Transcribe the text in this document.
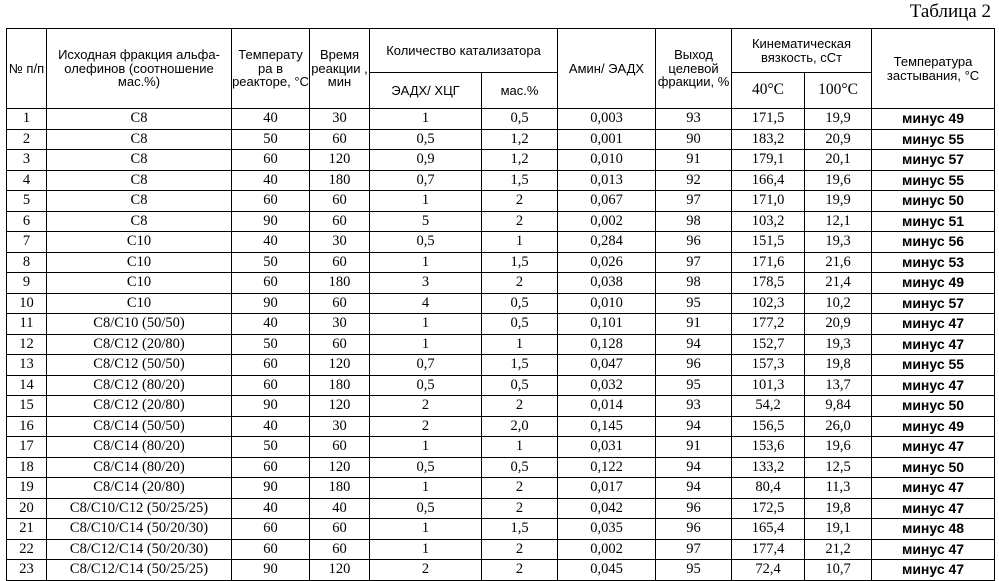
Таблица 2
№ п/п	Исходная фракция альфа-олефинов (соотношение мас.%)	Температу ра в реакторе, °С	Время реакции , мин	Количество катализатора		Амин/ ЭАДХ	Выход целевой фракции, %	Кинематическая вязкость, сСт		Температура застывания, °С
				ЭАДХ/ ХЦГ	мас.%			40°С	100°С	
1	С8	40	30	1	0,5	0,003	93	171,5	19,9	минус 49
2	С8	50	60	0,5	1,2	0,001	90	183,2	20,9	минус 55
3	С8	60	120	0,9	1,2	0,010	91	179,1	20,1	минус 57
4	С8	40	180	0,7	1,5	0,013	92	166,4	19,6	минус 55
5	С8	60	60	1	2	0,067	97	171,0	19,9	минус 50
6	С8	90	60	5	2	0,002	98	103,2	12,1	минус 51
7	С10	40	30	0,5	1	0,284	96	151,5	19,3	минус 56
8	С10	50	60	1	1,5	0,026	97	171,6	21,6	минус 53
9	С10	60	180	3	2	0,038	98	178,5	21,4	минус 49
10	С10	90	60	4	0,5	0,010	95	102,3	10,2	минус 57
11	С8/С10 (50/50)	40	30	1	0,5	0,101	91	177,2	20,9	минус 47
12	С8/С12 (20/80)	50	60	1	1	0,128	94	152,7	19,3	минус 47
13	С8/С12 (50/50)	60	120	0,7	1,5	0,047	96	157,3	19,8	минус 55
14	С8/С12 (80/20)	60	180	0,5	0,5	0,032	95	101,3	13,7	минус 47
15	С8/С12 (20/80)	90	120	2	2	0,014	93	54,2	9,84	минус 50
16	С8/С14 (50/50)	40	30	2	2,0	0,145	94	156,5	26,0	минус 49
17	С8/С14 (80/20)	50	60	1	1	0,031	91	153,6	19,6	минус 47
18	С8/С14 (80/20)	60	120	0,5	0,5	0,122	94	133,2	12,5	минус 50
19	С8/С14 (20/80)	90	180	1	2	0,017	94	80,4	11,3	минус 47
20	С8/С10/С12 (50/25/25)	40	40	0,5	2	0,042	96	172,5	19,8	минус 47
21	С8/С10/С14 (50/20/30)	60	60	1	1,5	0,035	96	165,4	19,1	минус 48
22	С8/С12/С14 (50/20/30)	60	60	1	2	0,002	97	177,4	21,2	минус 47
23	С8/С12/С14 (50/25/25)	90	120	2	2	0,045	95	72,4	10,7	минус 47
